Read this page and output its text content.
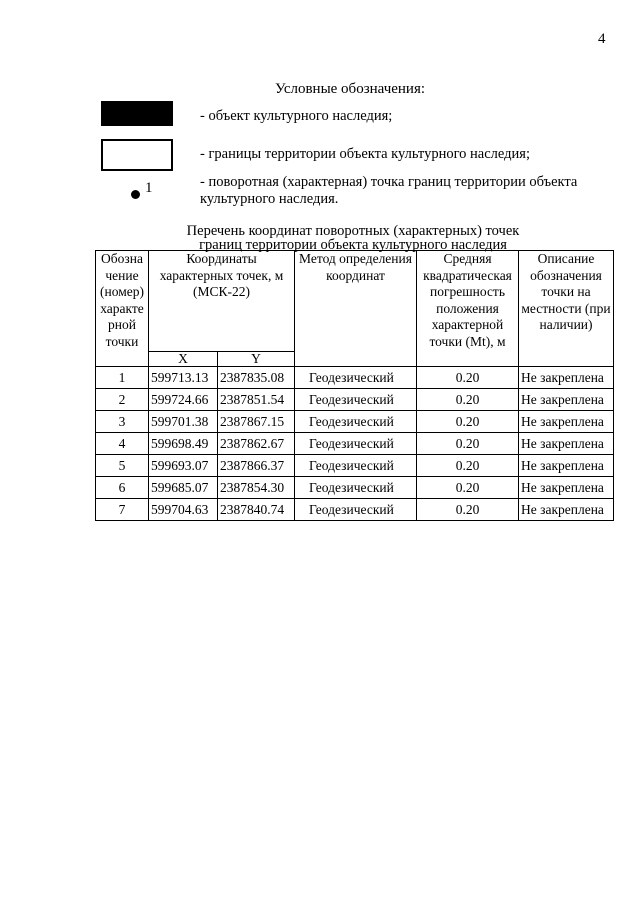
4
Условные обозначения:
- объект культурного наследия;
- границы территории объекта культурного наследия;
1	- поворотная (характерная) точка границ территории объекта культурного наследия.
Перечень координат поворотных (характерных) точек
границ территории объекта культурного наследия
Обозна чение (номер) характе рной точки	Координаты характерных точек, м (МСК-22)		Метод определения координат	Средняя квадратическая погрешность положения характерной точки (Mt), м	Описание обозначения точки на местности (при наличии)
	X	Y			
1	599713.13	2387835.08	Геодезический	0.20	Не закреплена
2	599724.66	2387851.54	Геодезический	0.20	Не закреплена
3	599701.38	2387867.15	Геодезический	0.20	Не закреплена
4	599698.49	2387862.67	Геодезический	0.20	Не закреплена
5	599693.07	2387866.37	Геодезический	0.20	Не закреплена
6	599685.07	2387854.30	Геодезический	0.20	Не закреплена
7	599704.63	2387840.74	Геодезический	0.20	Не закреплена
